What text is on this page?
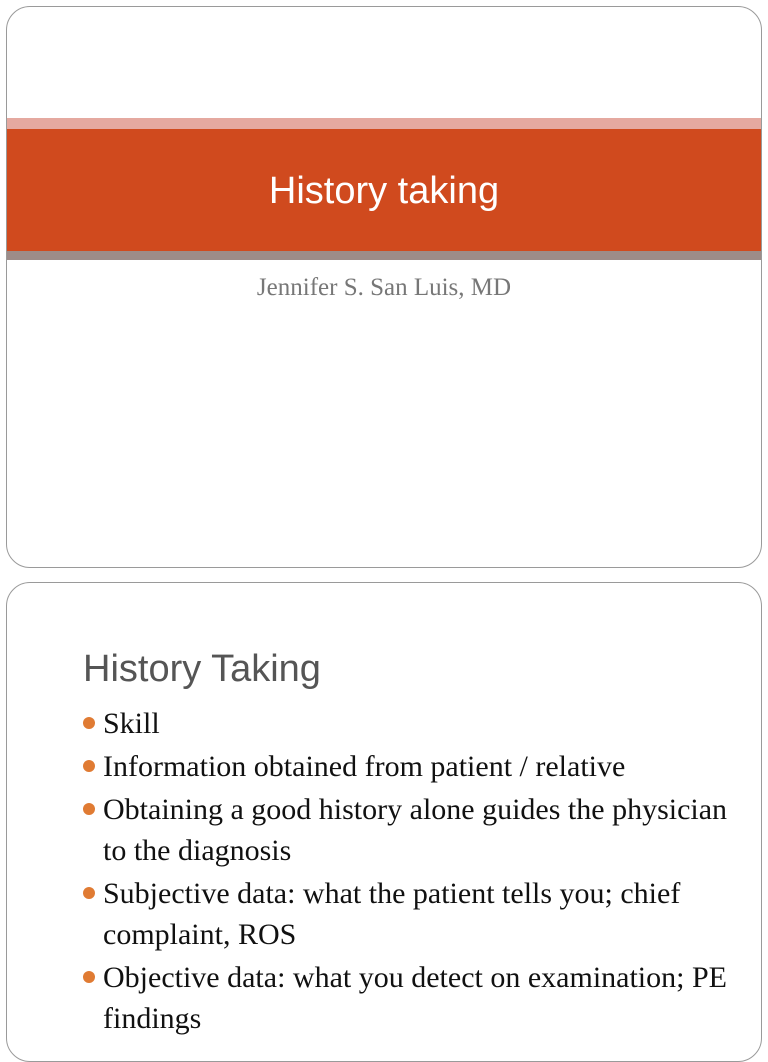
History taking
Jennifer S. San Luis, MD
History Taking
Skill
Information obtained from patient / relative
Obtaining a good history alone guides the physician to the diagnosis
Subjective data: what the patient tells you; chief complaint, ROS
Objective data: what you detect on examination; PE findings
